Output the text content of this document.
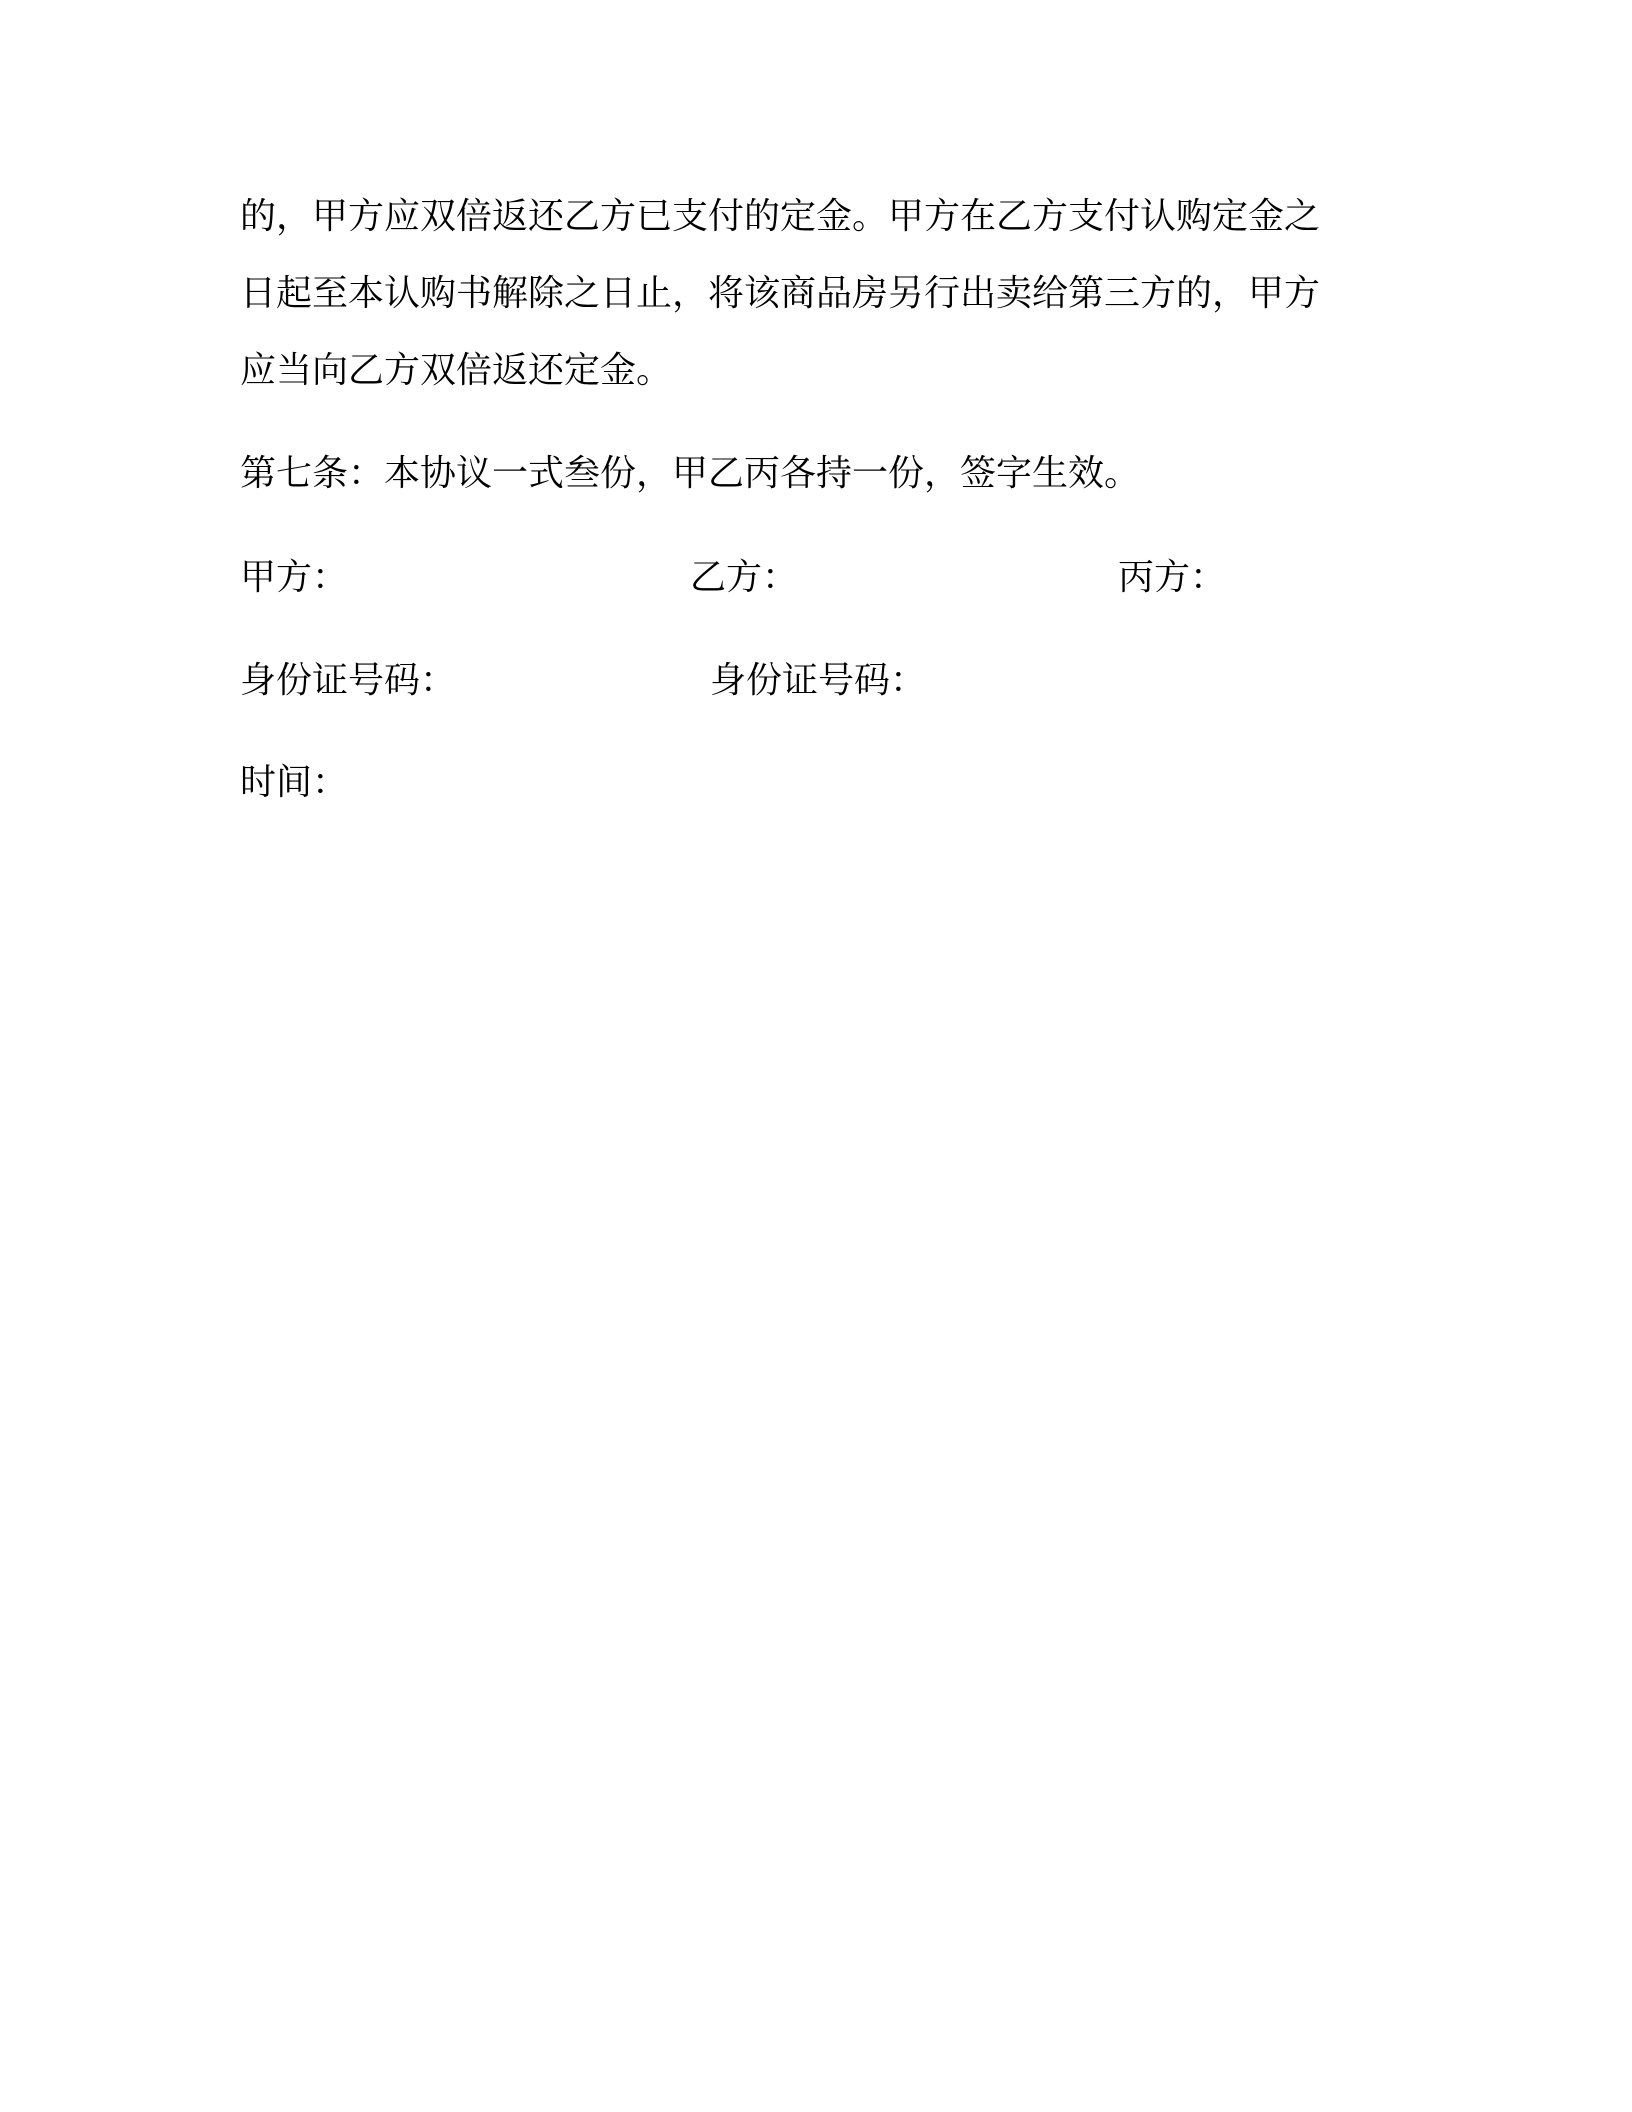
的，甲方应双倍返还乙方已支付的定金。甲方在乙方支付认购定金之
日起至本认购书解除之日止，将该商品房另行出卖给第三方的，甲方
应当向乙方双倍返还定金。

第七条：本协议一式叁份，甲乙丙各持一份，签字生效。

甲方：	乙方：	丙方：

身份证号码：	身份证号码：

时间：
